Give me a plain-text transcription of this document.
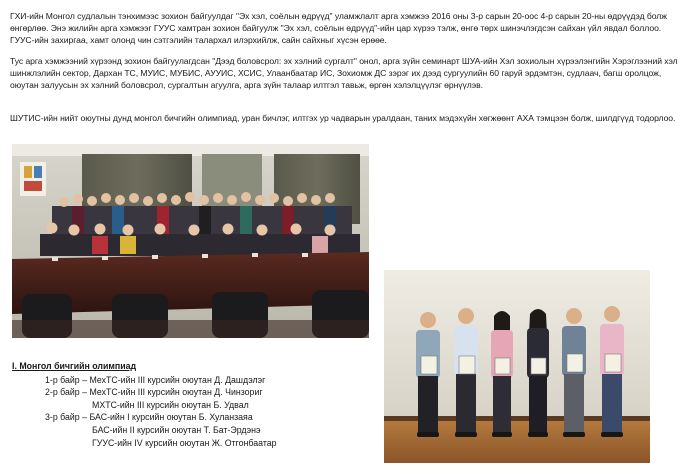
ГХИ-ийн Монгол судлалын тэнхимээс зохион байгуулдаг "Эх хэл, соёлын өдрүүд" уламжлалт арга хэмжээ 2016 оны 3-р сарын 20-оос 4-р сарын 20-ны өдрүүдэд болж өнгөрлөө. Энэ жилийн арга хэмжээг ГУУС хамтран зохион байгуулж "Эх хэл, соёлын өдрүүд"-ийн цар хүрээ тэлж, өнгө төрх шинэчлэгдсэн сайхан үйл явдал боллоо. ГУУС-ийн захиргаа, хамт олонд чин сэтгэлийн талархал илэрхийлж, сайн сайхныг хүсэн ерөөе.

Тус арга хэмжээний хүрээнд зохион байгуулагдсан "Дээд боловсрол: эх хэлний сургалт" онол, арга зүйн семинарт ШУА-ийн Хэл зохиолын хүрээлэнгийн Хэрэглээний хэл шинжлэлийн сектор, Дархан ТС, МУИС, МУБИС, АУУИС, ХСИС, Улаанбаатар ИС, Зохиомж ДС зэрэг их дээд сургуулийн 60 гаруй эрдэмтэн, судлаач, багш оролцож, оюутан залуусын эх хэлний боловсрол, сургалтын агуулга, арга зүйн талаар илтгэл тавьж, өргөн хэлэлцүүлэг өрнүүлэв.

ШУТИС-ийн нийт оюутны дунд монгол бичгийн олимпиад, уран бичлэг, илтгэх ур чадварын уралдаан, таних мэдэхүйн хөгжөөнт АХА тэмцээн болж, шилдгүүд тодорлоо.

I. Монгол бичгийн олимпиад
1-р байр – МехТС-ийн III курсийн оюутан Д. Дашдэлэг
2-р байр – МехТС-ийн III курсийн оюутан Д. Чинзориг
МХТС-ийн III курсийн оюутан Б. Удвал
3-р байр – БАС-ийн I курсийн оюутан Б. Хуланзаяа
БАС-ийн II курсийн оюутан Т. Бат-Эрдэнэ
ГУУС-ийн IV курсийн оюутан Ж. Отгонбаатар
